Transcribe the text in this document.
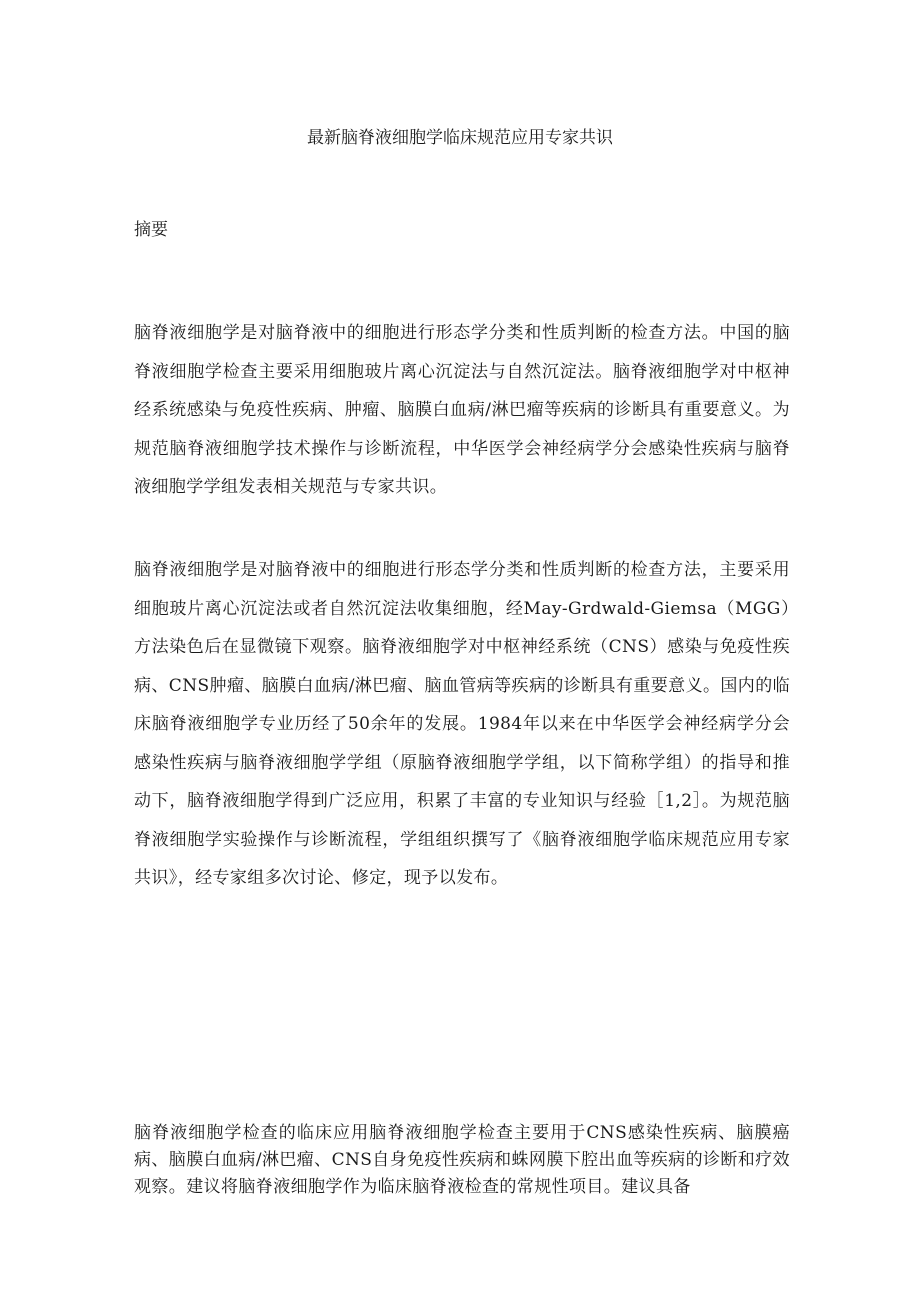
最新脑脊液细胞学临床规范应用专家共识
摘要

脑脊液细胞学是对脑脊液中的细胞进行形态学分类和性质判断的检查方法。中国的脑脊液细胞学检查主要采用细胞玻片离心沉淀法与自然沉淀法。脑脊液细胞学对中枢神经系统感染与免疫性疾病、肿瘤、脑膜白血病/淋巴瘤等疾病的诊断具有重要意义。为规范脑脊液细胞学技术操作与诊断流程，中华医学会神经病学分会感染性疾病与脑脊液细胞学学组发表相关规范与专家共识。

脑脊液细胞学是对脑脊液中的细胞进行形态学分类和性质判断的检查方法，主要采用细胞玻片离心沉淀法或者自然沉淀法收集细胞，经May-Grdwald-Giemsa（MGG）方法染色后在显微镜下观察。脑脊液细胞学对中枢神经系统（CNS）感染与免疫性疾病、CNS肿瘤、脑膜白血病/淋巴瘤、脑血管病等疾病的诊断具有重要意义。国内的临床脑脊液细胞学专业历经了50余年的发展。1984年以来在中华医学会神经病学分会感染性疾病与脑脊液细胞学学组（原脑脊液细胞学学组，以下简称学组）的指导和推动下，脑脊液细胞学得到广泛应用，积累了丰富的专业知识与经验［1,2］。为规范脑脊液细胞学实验操作与诊断流程，学组组织撰写了《脑脊液细胞学临床规范应用专家共识》，经专家组多次讨论、修定，现予以发布。

脑脊液细胞学检查的临床应用脑脊液细胞学检查主要用于CNS感染性疾病、脑膜癌病、脑膜白血病/淋巴瘤、CNS自身免疫性疾病和蛛网膜下腔出血等疾病的诊断和疗效观察。建议将脑脊液细胞学作为临床脑脊液检查的常规性项目。建议具备
